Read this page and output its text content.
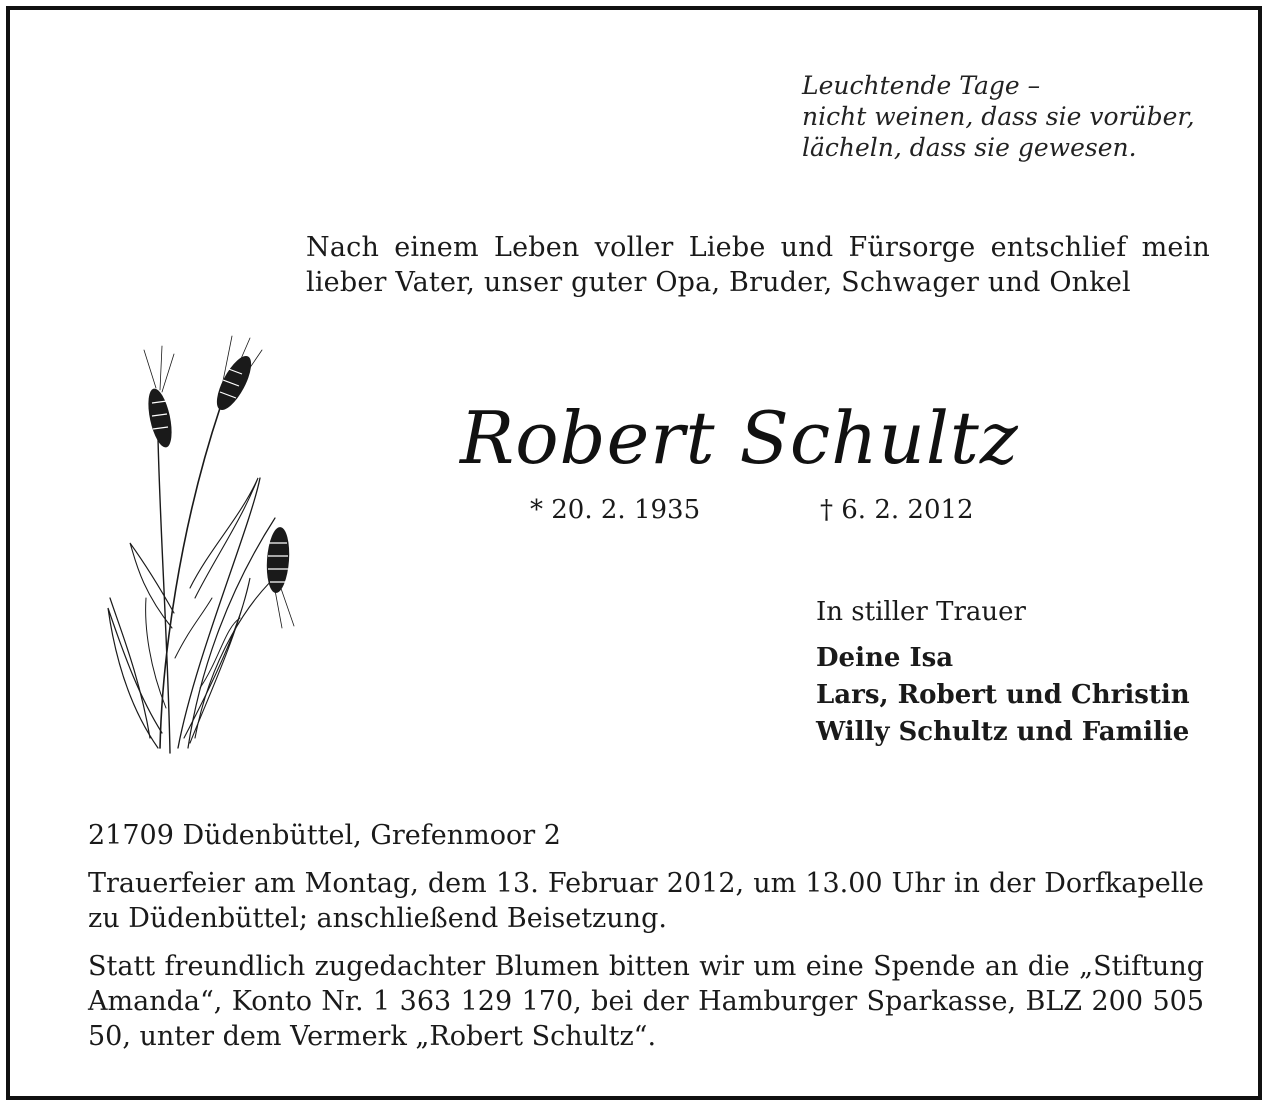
Leuchtende Tage –
nicht weinen, dass sie vorüber,
lächeln, dass sie gewesen.
Nach einem Leben voller Liebe und Fürsorge entschlief mein lieber Vater, unser guter Opa, Bruder, Schwager und Onkel
Robert Schultz
* 20. 2. 1935	† 6. 2. 2012
In stiller Trauer
Deine Isa
Lars, Robert und Christin
Willy Schultz und Familie

21709 Düdenbüttel, Grefenmoor 2

Trauerfeier am Montag, dem 13. Februar 2012, um 13.00 Uhr in der Dorfkapelle zu Düdenbüttel; anschließend Beisetzung.

Statt freundlich zugedachter Blumen bitten wir um eine Spende an die „Stiftung Amanda“, Konto Nr. 1 363 129 170, bei der Hamburger Sparkasse, BLZ 200 505 50, unter dem Vermerk „Robert Schultz“.
